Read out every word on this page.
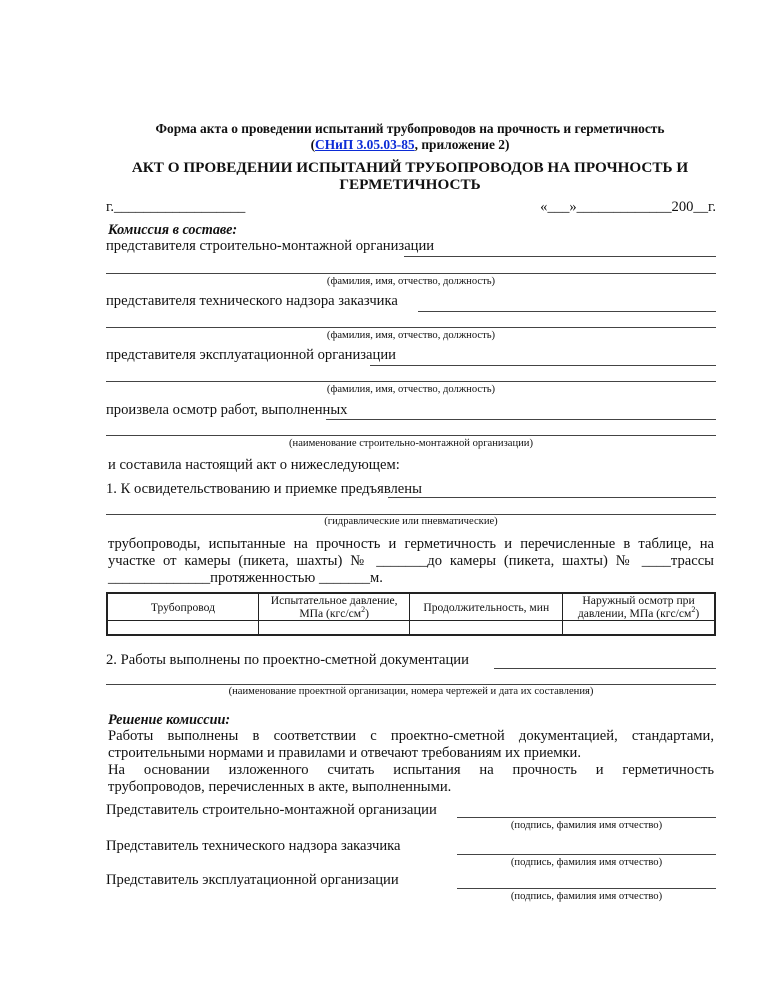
Форма акта о проведении испытаний трубопроводов на прочность и герметичность
(СНиП 3.05.03-85, приложение 2)
АКТ О ПРОВЕДЕНИИ ИСПЫТАНИЙ ТРУБОПРОВОДОВ НА ПРОЧНОСТЬ И ГЕРМЕТИЧНОСТЬ
г.__________________	«___»_____________200__г.
Комиссия в составе:
представителя строительно-монтажной организации
(фамилия, имя, отчество, должность)
представителя технического надзора заказчика
(фамилия, имя, отчество, должность)
представителя эксплуатационной организации
(фамилия, имя, отчество, должность)
произвела осмотр работ, выполненных
(наименование строительно-монтажной организации)
и составила настоящий акт о нижеследующем:
1. К освидетельствованию и приемке предъявлены
(гидравлические или пневматические)
трубопроводы, испытанные на прочность и герметичность и перечисленные в таблице, на
участке от камеры (пикета, шахты) № _______до камеры (пикета, шахты) № ____трассы
______________протяженностью _______м.
Трубопровод	Испытательное давление, МПа $(кгс/см^2)$	Продолжительность, мин	Наружный осмотр при давлении, МПа $(кгс/см^2)$

2. Работы выполнены по проектно-сметной документации
(наименование проектной организации, номера чертежей и дата их составления)
Решение комиссии:
Работы выполнены в соответствии с проектно-сметной документацией, стандартами,
строительными нормами и правилами и отвечают требованиям их приемки.
На основании изложенного считать испытания на прочность и герметичность
трубопроводов, перечисленных в акте, выполненными.
Представитель строительно-монтажной организации
(подпись, фамилия имя отчество)
Представитель технического надзора заказчика
(подпись, фамилия имя отчество)
Представитель эксплуатационной организации
(подпись, фамилия имя отчество)
